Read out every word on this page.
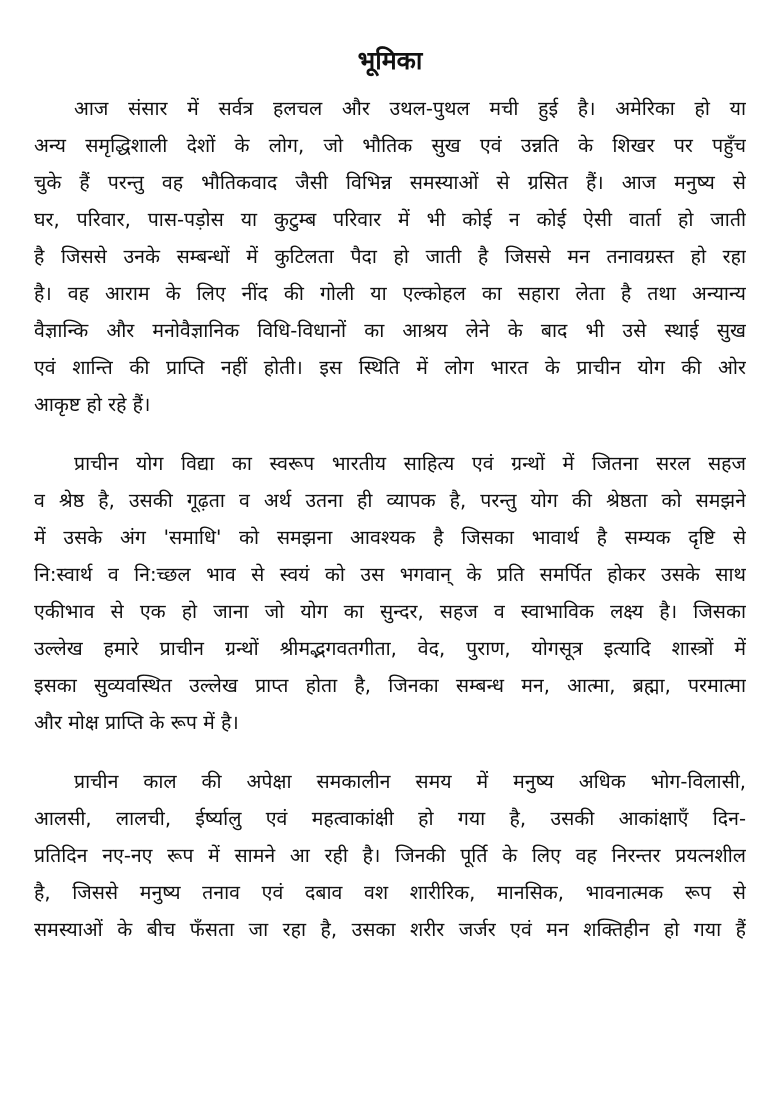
भूमिका
आज संसार में सर्वत्र हलचल और उथल-पुथल मची हुई है। अमेरिका हो या
अन्य समृद्धिशाली देशों के लोग, जो भौतिक सुख एवं उन्नति के शिखर पर पहुँच
चुके हैं परन्तु वह भौतिकवाद जैसी विभिन्न समस्याओं से ग्रसित हैं। आज मनुष्य से
घर, परिवार, पास-पड़ोस या कुटुम्ब परिवार में भी कोई न कोई ऐसी वार्ता हो जाती
है जिससे उनके सम्बन्धों में कुटिलता पैदा हो जाती है जिससे मन तनावग्रस्त हो रहा
है। वह आराम के लिए नींद की गोली या एल्कोहल का सहारा लेता है तथा अन्यान्य
वैज्ञान्कि और मनोवैज्ञानिक विधि-विधानों का आश्रय लेने के बाद भी उसे स्थाई सुख
एवं शान्ति की प्राप्ति नहीं होती। इस स्थिति में लोग भारत के प्राचीन योग की ओर
आकृष्ट हो रहे हैं।
प्राचीन योग विद्या का स्वरूप भारतीय साहित्य एवं ग्रन्थों में जितना सरल सहज
व श्रेष्ठ है, उसकी गूढ़ता व अर्थ उतना ही व्यापक है, परन्तु योग की श्रेष्ठता को समझने
में उसके अंग 'समाधि' को समझना आवश्यक है जिसका भावार्थ है सम्यक दृष्टि से
नि:स्वार्थ व नि:च्छल भाव से स्वयं को उस भगवान् के प्रति समर्पित होकर उसके साथ
एकीभाव से एक हो जाना जो योग का सुन्दर, सहज व स्वाभाविक लक्ष्य है। जिसका
उल्लेख हमारे प्राचीन ग्रन्थों श्रीमद्भगवतगीता, वेद, पुराण, योगसूत्र इत्यादि शास्त्रों में
इसका सुव्यवस्थित उल्लेख प्राप्त होता है, जिनका सम्बन्ध मन, आत्मा, ब्रह्मा, परमात्मा
और मोक्ष प्राप्ति के रूप में है।
प्राचीन काल की अपेक्षा समकालीन समय में मनुष्य अधिक भोग-विलासी,
आलसी, लालची, ईर्ष्यालु एवं महत्वाकांक्षी हो गया है, उसकी आकांक्षाएँ दिन-
प्रतिदिन नए-नए रूप में सामने आ रही है। जिनकी पूर्ति के लिए वह निरन्तर प्रयत्नशील
है, जिससे मनुष्य तनाव एवं दबाव वश शारीरिक, मानसिक, भावनात्मक रूप से
समस्याओं के बीच फँसता जा रहा है, उसका शरीर जर्जर एवं मन शक्तिहीन हो गया हैं
